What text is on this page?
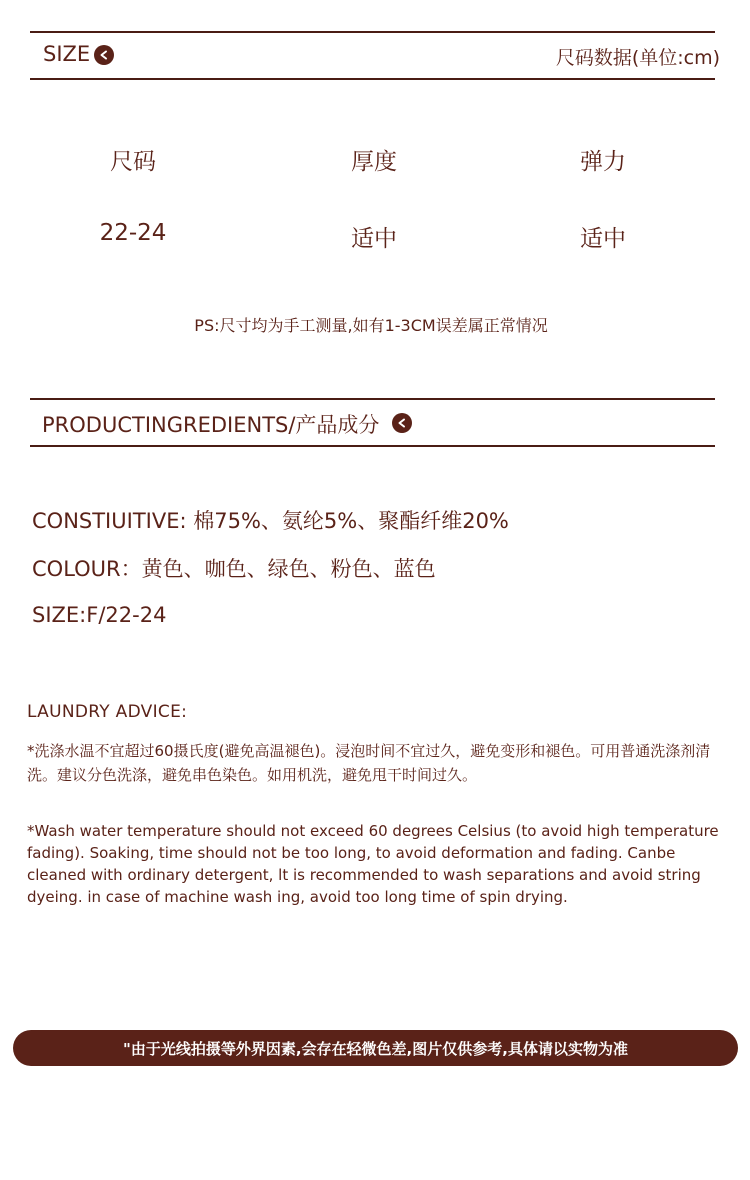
SIZE	尺码数据(单位:cm)
尺码	厚度	弹力
22-24	适中	适中
PS:尺寸均为手工测量,如有1-3CM误差属正常情况
PRODUCTINGREDIENTS/产品成分
CONSTIUITIVE: 棉75%、氨纶5%、聚酯纤维20%
COLOUR：黄色、咖色、绿色、粉色、蓝色
SIZE:F/22-24
LAUNDRY ADVICE:
*洗涤水温不宜超过60摄氏度(避免高温褪色)。浸泡时间不宜过久，避免变形和褪色。可用普通洗涤剂清洗。建议分色洗涤，避免串色染色。如用机洗，避免甩干时间过久。
*Wash water temperature should not exceed 60 degrees Celsius (to avoid high temperature fading). Soaking, time should not be too long, to avoid deformation and fading. Canbe cleaned with ordinary detergent, lt is recommended to wash separations and avoid string dyeing. in case of machine wash ing, avoid too long time of spin drying.
"由于光线拍摄等外界因素,会存在轻微色差,图片仅供参考,具体请以实物为准
